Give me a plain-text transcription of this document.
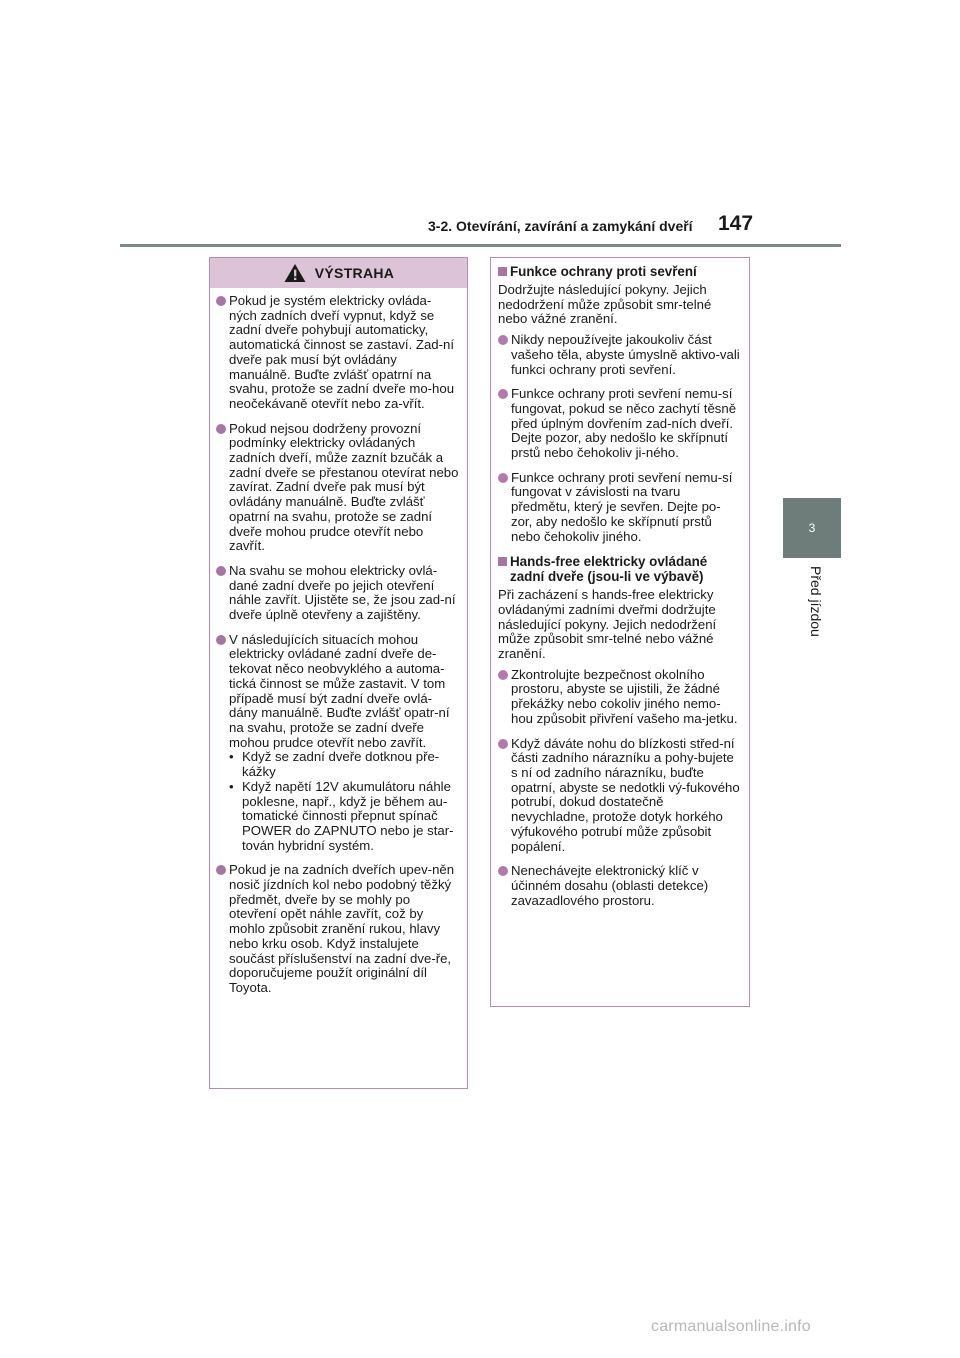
3-2. Otevírání, zavírání a zamykání dveří 147
3
Před jízdou
VÝSTRAHA
Pokud je systém elektricky ovláda-ných zadních dveří vypnut, když se zadní dveře pohybují automaticky, automatická činnost se zastaví. Zad-ní dveře pak musí být ovládány manuálně. Buďte zvlášť opatrní na svahu, protože se zadní dveře mo-hou neočekávaně otevřít nebo za-vřít.
Pokud nejsou dodrženy provozní podmínky elektricky ovládaných zadních dveří, může zaznít bzučák a zadní dveře se přestanou otevírat nebo zavírat. Zadní dveře pak musí být ovládány manuálně. Buďte zvlášť opatrní na svahu, protože se zadní dveře mohou prudce otevřít nebo zavřít.
Na svahu se mohou elektricky ovlá-dané zadní dveře po jejich otevření náhle zavřít. Ujistěte se, že jsou zad-ní dveře úplně otevřeny a zajištěny.
V následujících situacích mohou elektricky ovládané zadní dveře de-tekovat něco neobvyklého a automa-tická činnost se může zastavit. V tom případě musí být zadní dveře ovlá-dány manuálně. Buďte zvlášť opatr-ní na svahu, protože se zadní dveře mohou prudce otevřít nebo zavřít.
• Když se zadní dveře dotknou pře-kážky
• Když napětí 12V akumulátoru náhle poklesne, např., když je během au-tomatické činnosti přepnut spínač POWER do ZAPNUTO nebo je star-tován hybridní systém.
Pokud je na zadních dveřích upev-něn nosič jízdních kol nebo podobný těžký předmět, dveře by se mohly po otevření opět náhle zavřít, což by mohlo způsobit zranění rukou, hlavy nebo krku osob. Když instalujete součást příslušenství na zadní dve-ře, doporučujeme použít originální díl Toyota.
Funkce ochrany proti sevření
Dodržujte následující pokyny. Jejich nedodržení může způsobit smr-telné nebo vážné zranění.
Nikdy nepoužívejte jakoukoliv část vašeho těla, abyste úmyslně aktivo-vali funkci ochrany proti sevření.
Funkce ochrany proti sevření nemu-sí fungovat, pokud se něco zachytí těsně před úplným dovřením zad-ních dveří. Dejte pozor, aby nedošlo ke skřípnutí prstů nebo čehokoliv ji-ného.
Funkce ochrany proti sevření nemu-sí fungovat v závislosti na tvaru předmětu, který je sevřen. Dejte po-zor, aby nedošlo ke skřípnutí prstů nebo čehokoliv jiného.
Hands-free elektricky ovládané zadní dveře (jsou-li ve výbavě)
Při zacházení s hands-free elektricky ovládanými zadními dveřmi dodržujte následující pokyny. Jejich nedodržení může způsobit smr-telné nebo vážné zranění.
Zkontrolujte bezpečnost okolního prostoru, abyste se ujistili, že žádné překážky nebo cokoliv jiného nemo-hou způsobit přivření vašeho ma-jetku.
Když dáváte nohu do blízkosti střed-ní části zadního nárazníku a pohy-bujete s ní od zadního nárazníku, buďte opatrní, abyste se nedotkli vý-fukového potrubí, dokud dostatečně nevychladne, protože dotyk horkého výfukového potrubí může způsobit popálení.
Nenechávejte elektronický klíč v účinném dosahu (oblasti detekce) zavazadlového prostoru.
carmanualsonline.info
